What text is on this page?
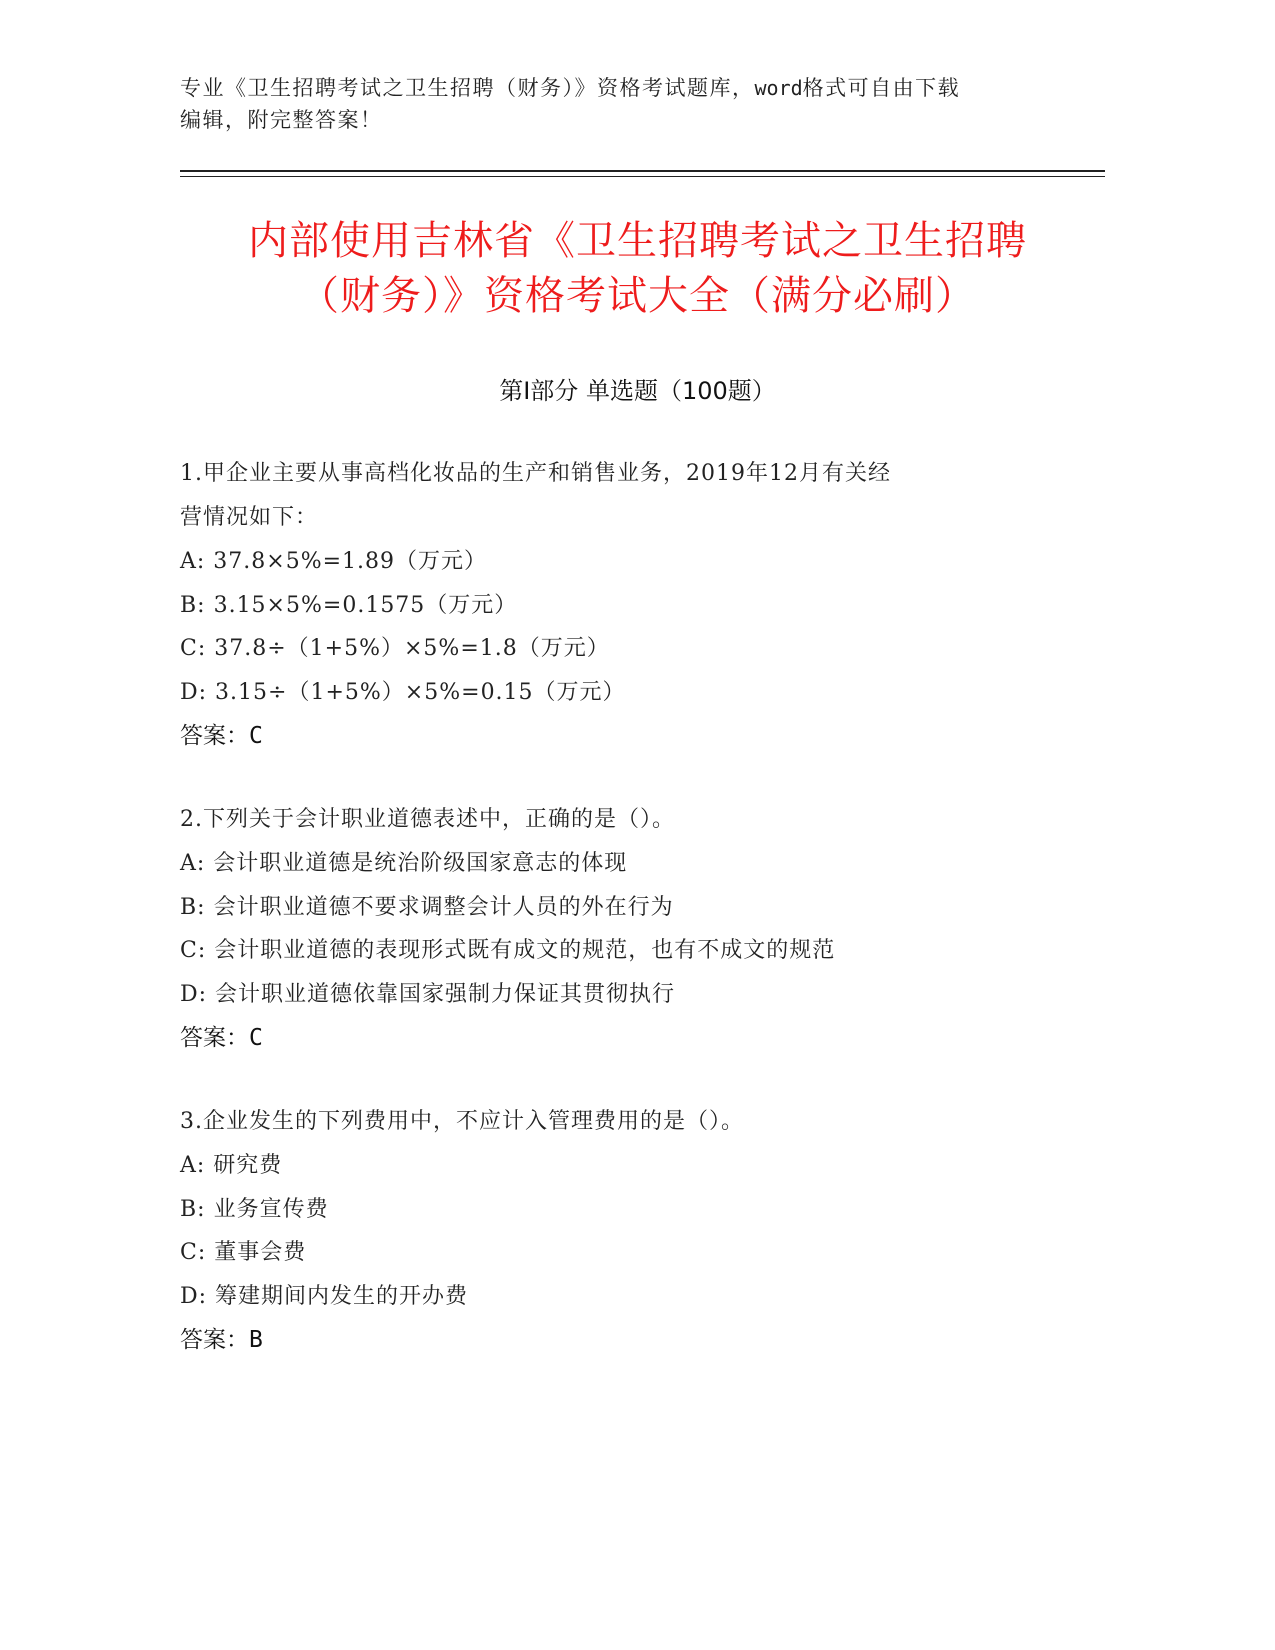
专业《卫生招聘考试之卫生招聘（财务）》资格考试题库，word格式可自由下载
编辑，附完整答案！
内部使用吉林省《卫生招聘考试之卫生招聘
（财务）》资格考试大全（满分必刷）
第Ⅰ部分 单选题（100题）

1.甲企业主要从事高档化妆品的生产和销售业务，2019年12月有关经
营情况如下：

A: 37.8×5%=1.89（万元）

B: 3.15×5%=0.1575（万元）

C: 37.8÷（1+5%）×5%=1.8（万元）

D: 3.15÷（1+5%）×5%=0.15（万元）

答案：C

2.下列关于会计职业道德表述中，正确的是（）。

A: 会计职业道德是统治阶级国家意志的体现

B: 会计职业道德不要求调整会计人员的外在行为

C: 会计职业道德的表现形式既有成文的规范，也有不成文的规范

D: 会计职业道德依靠国家强制力保证其贯彻执行

答案：C

3.企业发生的下列费用中，不应计入管理费用的是（）。

A: 研究费

B: 业务宣传费

C: 董事会费

D: 筹建期间内发生的开办费

答案：B
